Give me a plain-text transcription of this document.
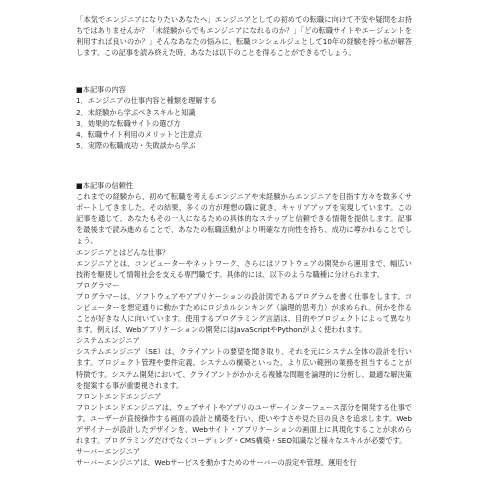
「本気でエンジニアになりたいあなたへ」エンジニアとしての初めての転職に向けて不安や疑問をお持ちではありませんか？「未経験からでもエンジニアになれるのか？」「どの転職サイトやエージェントを利用すれば良いのか？」そんなあなたの悩みに、転職コンシェルジュとして10年の経験を持つ私が解答します。この記事を読み終えた時、あなたは以下のことを得ることができるでしょう。

■本記事の内容

1．エンジニアの仕事内容と種類を理解する
2．未経験から学ぶべきスキルと知識
3．効果的な転職サイトの選び方
4．転職サイト利用のメリットと注意点
5．実際の転職成功・失敗談から学ぶ

■本記事の信頼性

これまでの経験から、初めて転職を考えるエンジニアや未経験からエンジニアを目指す方々を数多くサポートしてきました。その結果、多くの方が理想の職に就き、キャリアアップを実現しています。この記事を通じて、あなたもその一人になるための具体的なステップと信頼できる情報を提供します。記事を最後まで読み進めることで、あなたの転職活動がより明確な方向性を持ち、成功に導かれることでしょう。

エンジニアとはどんな仕事？

エンジニアとは、コンピューターやネットワーク、さらにはソフトウェアの開発から運用まで、幅広い技術を駆使して情報社会を支える専門職です。具体的には、以下のような職種に分けられます。

プログラマー

プログラマーは、ソフトウェアやアプリケーションの設計図であるプログラムを書く仕事をします。コンピューターを想定通りに動かすためにロジカルシンキング（論理的思考力）が求められ、何かを作ることが好きな人に向いています。使用するプログラミング言語は、目的やプロジェクトによって異なります。例えば、Webアプリケーションの開発にはJavaScriptやPythonがよく使われます。

システムエンジニア

システムエンジニア（SE）は、クライアントの要望を聞き取り、それを元にシステム全体の設計を行います。プロジェクト管理や要件定義、システムの構築といった、より広い範囲の業務を担当することが特徴です。システム開発において、クライアントがかかえる複雑な問題を論理的に分析し、最適な解決策を提案する事が重要視されます。

フロントエンドエンジニア

フロントエンドエンジニアは、ウェブサイトやアプリのユーザーインターフェース部分を開発する仕事です。ユーザーが直接操作する画面の設計と構築を行い、使いやすさや見た目の良さを追求します。Webデザイナーが設計したデザインを、Webサイト・アプリケーションの画面上に具現化することが求められます。プログラミングだけでなくコーディング・CMS構築・SEO知識など様々なスキルが必要です。

サーバーエンジニア

サーバーエンジニアは、Webサービスを動かすためのサーバーの設定や管理、運用を行
